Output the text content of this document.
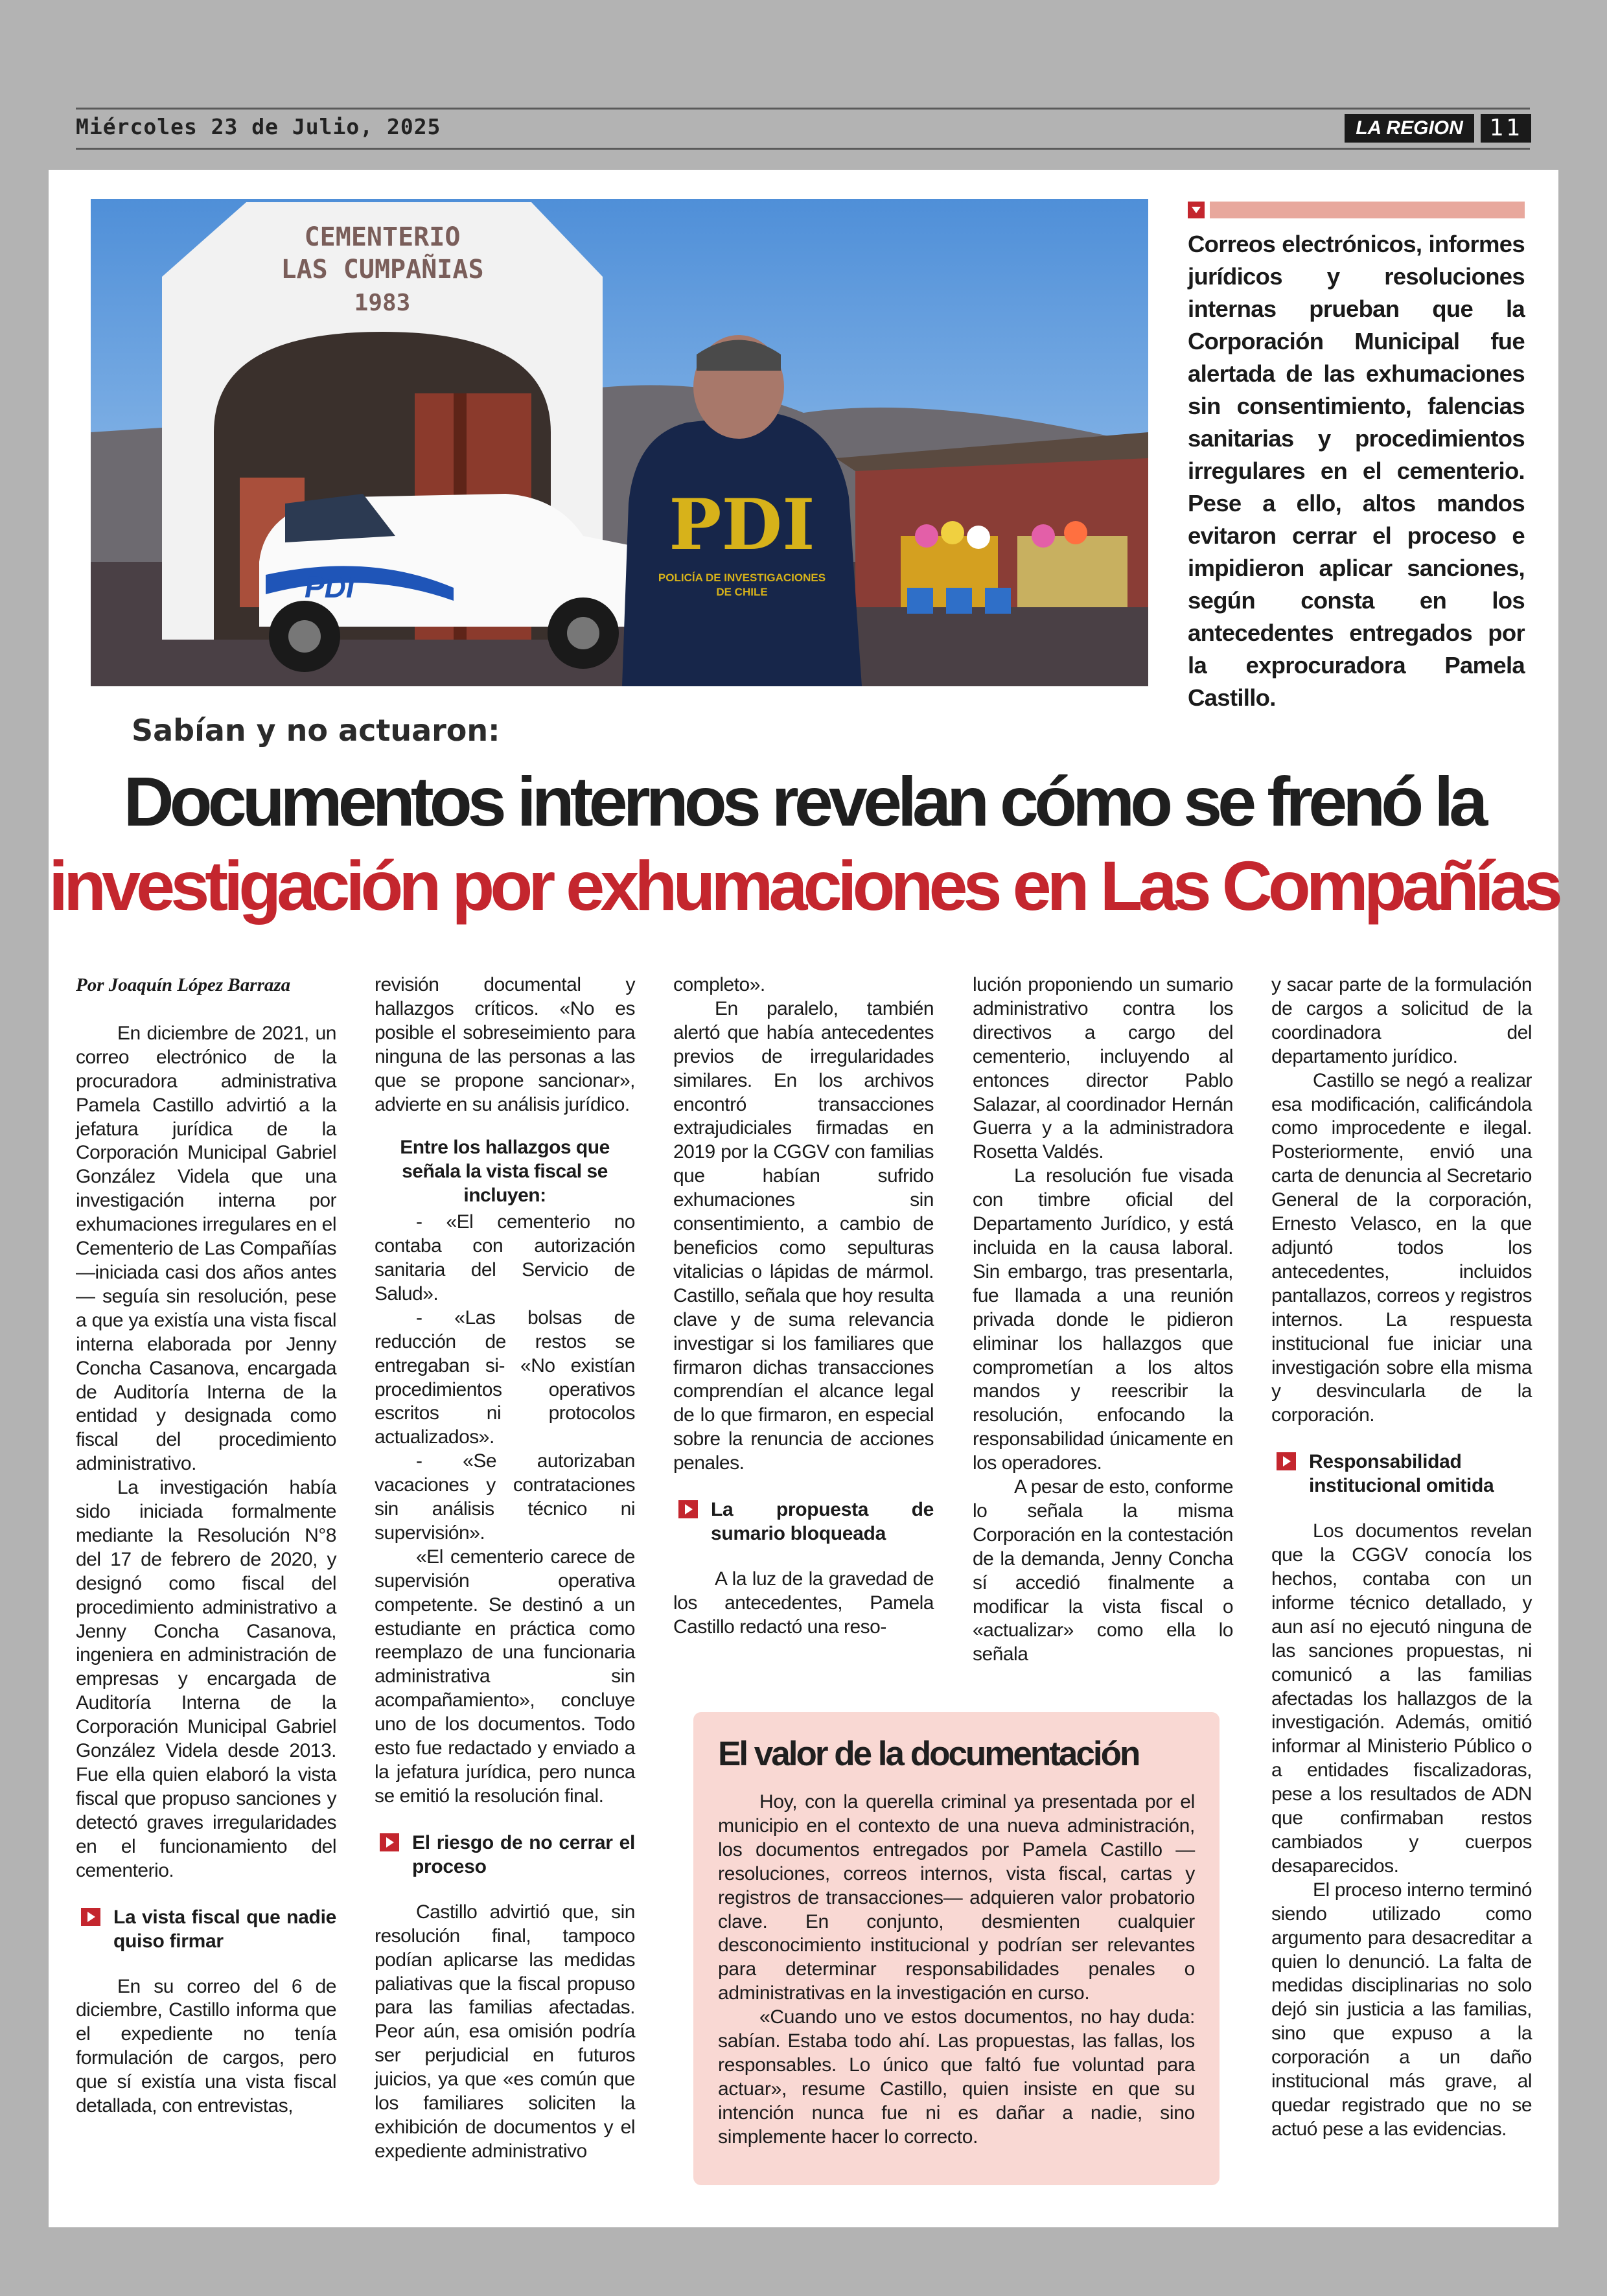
Miércoles 23 de Julio, 2025	LA REGION	11
CEMENTERIO
LAS CUMPAÑIAS
1983
PDI
PDI
POLICÍA DE INVESTIGACIONES
DE CHILE
Correos electrónicos, informes jurídicos y resoluciones internas prueban que la Corporación Municipal fue alertada de las exhumaciones sin consentimiento, falencias sanitarias y procedimientos irregulares en el cementerio. Pese a ello, altos mandos evitaron cerrar el proceso e impidieron aplicar sanciones, según consta en los antecedentes entregados por la exprocuradora Pamela Castillo.
Sabían y no actuaron:
Documentos internos revelan cómo se frenó la
investigación por exhumaciones en Las Compañías

Por Joaquín López Barraza

En diciembre de 2021, un correo electrónico de la procuradora administrativa Pamela Castillo advirtió a la jefatura jurídica de la Corporación Municipal Gabriel González Videla que una investigación interna por exhumaciones irregulares en el Cementerio de Las Compañías —iniciada casi dos años antes— seguía sin resolución, pese a que ya existía una vista fiscal interna elaborada por Jenny Concha Casanova, encargada de Auditoría Interna de la entidad y designada como fiscal del procedimiento administrativo.

La investigación había sido iniciada formalmente mediante la Resolución N°8 del 17 de febrero de 2020, y designó como fiscal del procedimiento administrativo a Jenny Concha Casanova, ingeniera en administración de empresas y encargada de Auditoría Interna de la Corporación Municipal Gabriel González Videla desde 2013. Fue ella quien elaboró la vista fiscal que propuso sanciones y detectó graves irregularidades en el funcionamiento del cementerio.

La vista fiscal que nadie quiso firmar

En su correo del 6 de diciembre, Castillo informa que el expediente no tenía formulación de cargos, pero que sí existía una vista fiscal detallada, con entrevistas,

revisión documental y hallazgos críticos. «No es posible el sobreseimiento para ninguna de las personas a las que se propone sancionar», advierte en su análisis jurídico.

Entre los hallazgos que señala la vista fiscal se incluyen:

- «El cementerio no contaba con autorización sanitaria del Servicio de Salud».

- «Las bolsas de reducción de restos se entregaban si- «No existían procedimientos operativos escritos ni protocolos actualizados».

- «Se autorizaban vacaciones y contrataciones sin análisis técnico ni supervisión».

«El cementerio carece de supervisión operativa competente. Se destinó a un estudiante en práctica como reemplazo de una funcionaria administrativa sin acompañamiento», concluye uno de los documentos. Todo esto fue redactado y enviado a la jefatura jurídica, pero nunca se emitió la resolución final.

El riesgo de no cerrar el proceso

Castillo advirtió que, sin resolución final, tampoco podían aplicarse las medidas paliativas que la fiscal propuso para las familias afectadas. Peor aún, esa omisión podría ser perjudicial en futuros juicios, ya que «es común que los familiares soliciten la exhibición de documentos y el expediente administrativo

completo».

En paralelo, también alertó que había antecedentes previos de irregularidades similares. En los archivos encontró transacciones extrajudiciales firmadas en 2019 por la CGGV con familias que habían sufrido exhumaciones sin consentimiento, a cambio de beneficios como sepulturas vitalicias o lápidas de mármol. Castillo, señala que hoy resulta clave y de suma relevancia investigar si los familiares que firmaron dichas transacciones comprendían el alcance legal de lo que firmaron, en especial sobre la renuncia de acciones penales.

La propuesta de sumario bloqueada

A la luz de la gravedad de los antecedentes, Pamela Castillo redactó una reso-

lución proponiendo un sumario administrativo contra los directivos a cargo del cementerio, incluyendo al entonces director Pablo Salazar, al coordinador Hernán Guerra y a la administradora Rosetta Valdés.

La resolución fue visada con timbre oficial del Departamento Jurídico, y está incluida en la causa laboral. Sin embargo, tras presentarla, fue llamada a una reunión privada donde le pidieron eliminar los hallazgos que comprometían a los altos mandos y reescribir la resolución, enfocando la responsabilidad únicamente en los operadores.

A pesar de esto, conforme lo señala la misma Corporación en la contestación de la demanda, Jenny Concha sí accedió finalmente a modificar la vista fiscal o «actualizar» como ella lo señala

y sacar parte de la formulación de cargos a solicitud de la coordinadora del departamento jurídico.

Castillo se negó a realizar esa modificación, calificándola como improcedente e ilegal. Posteriormente, envió una carta de denuncia al Secretario General de la corporación, Ernesto Velasco, en la que adjuntó todos los antecedentes, incluidos pantallazos, correos y registros internos. La respuesta institucional fue iniciar una investigación sobre ella misma y desvincularla de la corporación.

Responsabilidad institucional omitida

Los documentos revelan que la CGGV conocía los hechos, contaba con un informe técnico detallado, y aun así no ejecutó ninguna de las sanciones propuestas, ni comunicó a las familias afectadas los hallazgos de la investigación. Además, omitió informar al Ministerio Público o a entidades fiscalizadoras, pese a los resultados de ADN que confirmaban restos cambiados y cuerpos desaparecidos.

El proceso interno terminó siendo utilizado como argumento para desacreditar a quien lo denunció. La falta de medidas disciplinarias no solo dejó sin justicia a las familias, sino que expuso a la corporación a un daño institucional más grave, al quedar registrado que no se actuó pese a las evidencias.

El valor de la documentación

Hoy, con la querella criminal ya presentada por el municipio en el contexto de una nueva administración, los documentos entregados por Pamela Castillo —resoluciones, correos internos, vista fiscal, cartas y registros de transacciones— adquieren valor probatorio clave. En conjunto, desmienten cualquier desconocimiento institucional y podrían ser relevantes para determinar responsabilidades penales o administrativas en la investigación en curso.

«Cuando uno ve estos documentos, no hay duda: sabían. Estaba todo ahí. Las propuestas, las fallas, los responsables. Lo único que faltó fue voluntad para actuar», resume Castillo, quien insiste en que su intención nunca fue ni es dañar a nadie, sino simplemente hacer lo correcto.
